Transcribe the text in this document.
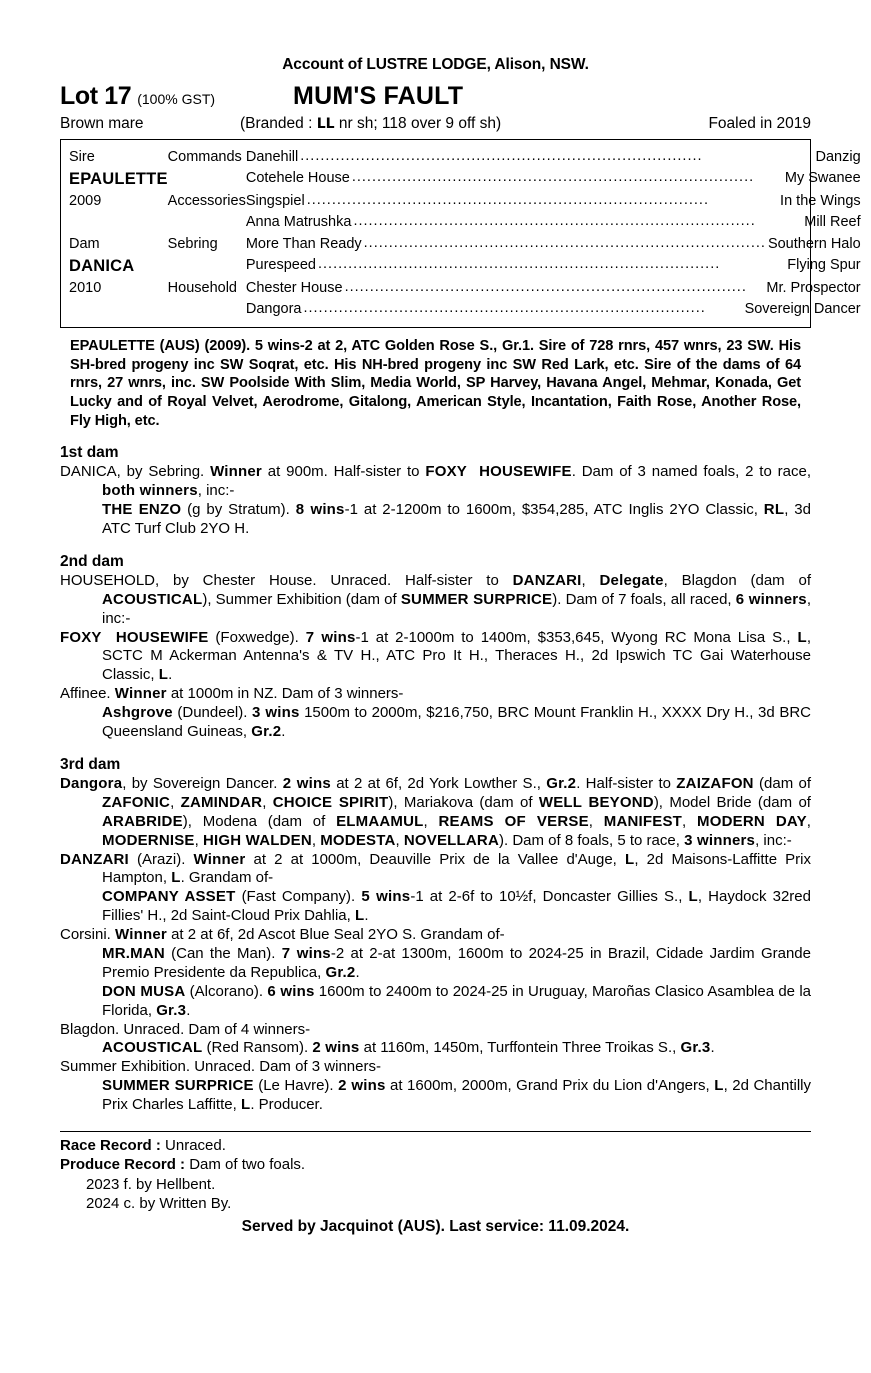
Account of LUSTRE LODGE, Alison, NSW.
Lot 17 (100% GST)	MUM'S FAULT
Brown mare	(Branded : LL nr sh; 118 over 9 off sh)	Foaled in 2019
Sire	Commands	Danehill ................................................................................ Danzig

EPAULETTE		Cotehele House ................................................................................ My Swanee

2009	Accessories	Singspiel ................................................................................ In the Wings

		Anna Matrushka ................................................................................ Mill Reef

Dam	Sebring	More Than Ready ................................................................................ Southern Halo

DANICA		Purespeed ................................................................................ Flying Spur

2010	Household	Chester House ................................................................................ Mr. Prospector

		Dangora ................................................................................ Sovereign Dancer
EPAULETTE (AUS) (2009). 5 wins-2 at 2, ATC Golden Rose S., Gr.1. Sire of 728 rnrs, 457 wnrs, 23 SW. His SH-bred progeny inc SW Soqrat, etc. His NH-bred progeny inc SW Red Lark, etc. Sire of the dams of 64 rnrs, 27 wnrs, inc. SW Poolside With Slim, Media World, SP Harvey, Havana Angel, Mehmar, Konada, Get Lucky and of Royal Velvet, Aerodrome, Gitalong, American Style, Incantation, Faith Rose, Another Rose, Fly High, etc.
1st dam
DANICA, by Sebring. Winner at 900m. Half-sister to FOXY  HOUSEWIFE. Dam of 3 named foals, 2 to race, both winners, inc:-
THE ENZO (g by Stratum). 8 wins-1 at 2-1200m to 1600m, $354,285, ATC Inglis 2YO Classic, RL, 3d ATC Turf Club 2YO H.
2nd dam
HOUSEHOLD, by Chester House. Unraced. Half-sister to DANZARI, Delegate, Blagdon (dam of ACOUSTICAL), Summer Exhibition (dam of SUMMER SURPRICE). Dam of 7 foals, all raced, 6 winners, inc:-
FOXY  HOUSEWIFE (Foxwedge). 7 wins-1 at 2-1000m to 1400m, $353,645, Wyong RC Mona Lisa S., L, SCTC M Ackerman Antenna's & TV H., ATC Pro It H., Theraces H., 2d Ipswich TC Gai Waterhouse Classic, L.
Affinee. Winner at 1000m in NZ. Dam of 3 winners-
Ashgrove (Dundeel). 3 wins 1500m to 2000m, $216,750, BRC Mount Franklin H., XXXX Dry H., 3d BRC Queensland Guineas, Gr.2.
3rd dam
Dangora, by Sovereign Dancer. 2 wins at 2 at 6f, 2d York Lowther S., Gr.2. Half-sister to ZAIZAFON (dam of ZAFONIC, ZAMINDAR, CHOICE SPIRIT), Mariakova (dam of WELL BEYOND), Model Bride (dam of ARABRIDE), Modena (dam of ELMAAMUL, REAMS OF VERSE, MANIFEST, MODERN DAY, MODERNISE, HIGH WALDEN, MODESTA, NOVELLARA). Dam of 8 foals, 5 to race, 3 winners, inc:-
DANZARI (Arazi). Winner at 2 at 1000m, Deauville Prix de la Vallee d'Auge, L, 2d Maisons-Laffitte Prix Hampton, L. Grandam of-
COMPANY ASSET (Fast Company). 5 wins-1 at 2-6f to 10½f, Doncaster Gillies S., L, Haydock 32red Fillies' H., 2d Saint-Cloud Prix Dahlia, L.
Corsini. Winner at 2 at 6f, 2d Ascot Blue Seal 2YO S. Grandam of-
MR.MAN (Can the Man). 7 wins-2 at 2-at 1300m, 1600m to 2024-25 in Brazil, Cidade Jardim Grande Premio Presidente da Republica, Gr.2.
DON MUSA (Alcorano). 6 wins 1600m to 2400m to 2024-25 in Uruguay, Maroñas Clasico Asamblea de la Florida, Gr.3.
Blagdon. Unraced. Dam of 4 winners-
ACOUSTICAL (Red Ransom). 2 wins at 1160m, 1450m, Turffontein Three Troikas S., Gr.3.
Summer Exhibition. Unraced. Dam of 3 winners-
SUMMER SURPRICE (Le Havre). 2 wins at 1600m, 2000m, Grand Prix du Lion d'Angers, L, 2d Chantilly Prix Charles Laffitte, L. Producer.
Race Record : Unraced.
Produce Record : Dam of two foals.
2023 f. by Hellbent.
2024 c. by Written By.
Served by Jacquinot (AUS). Last service: 11.09.2024.
